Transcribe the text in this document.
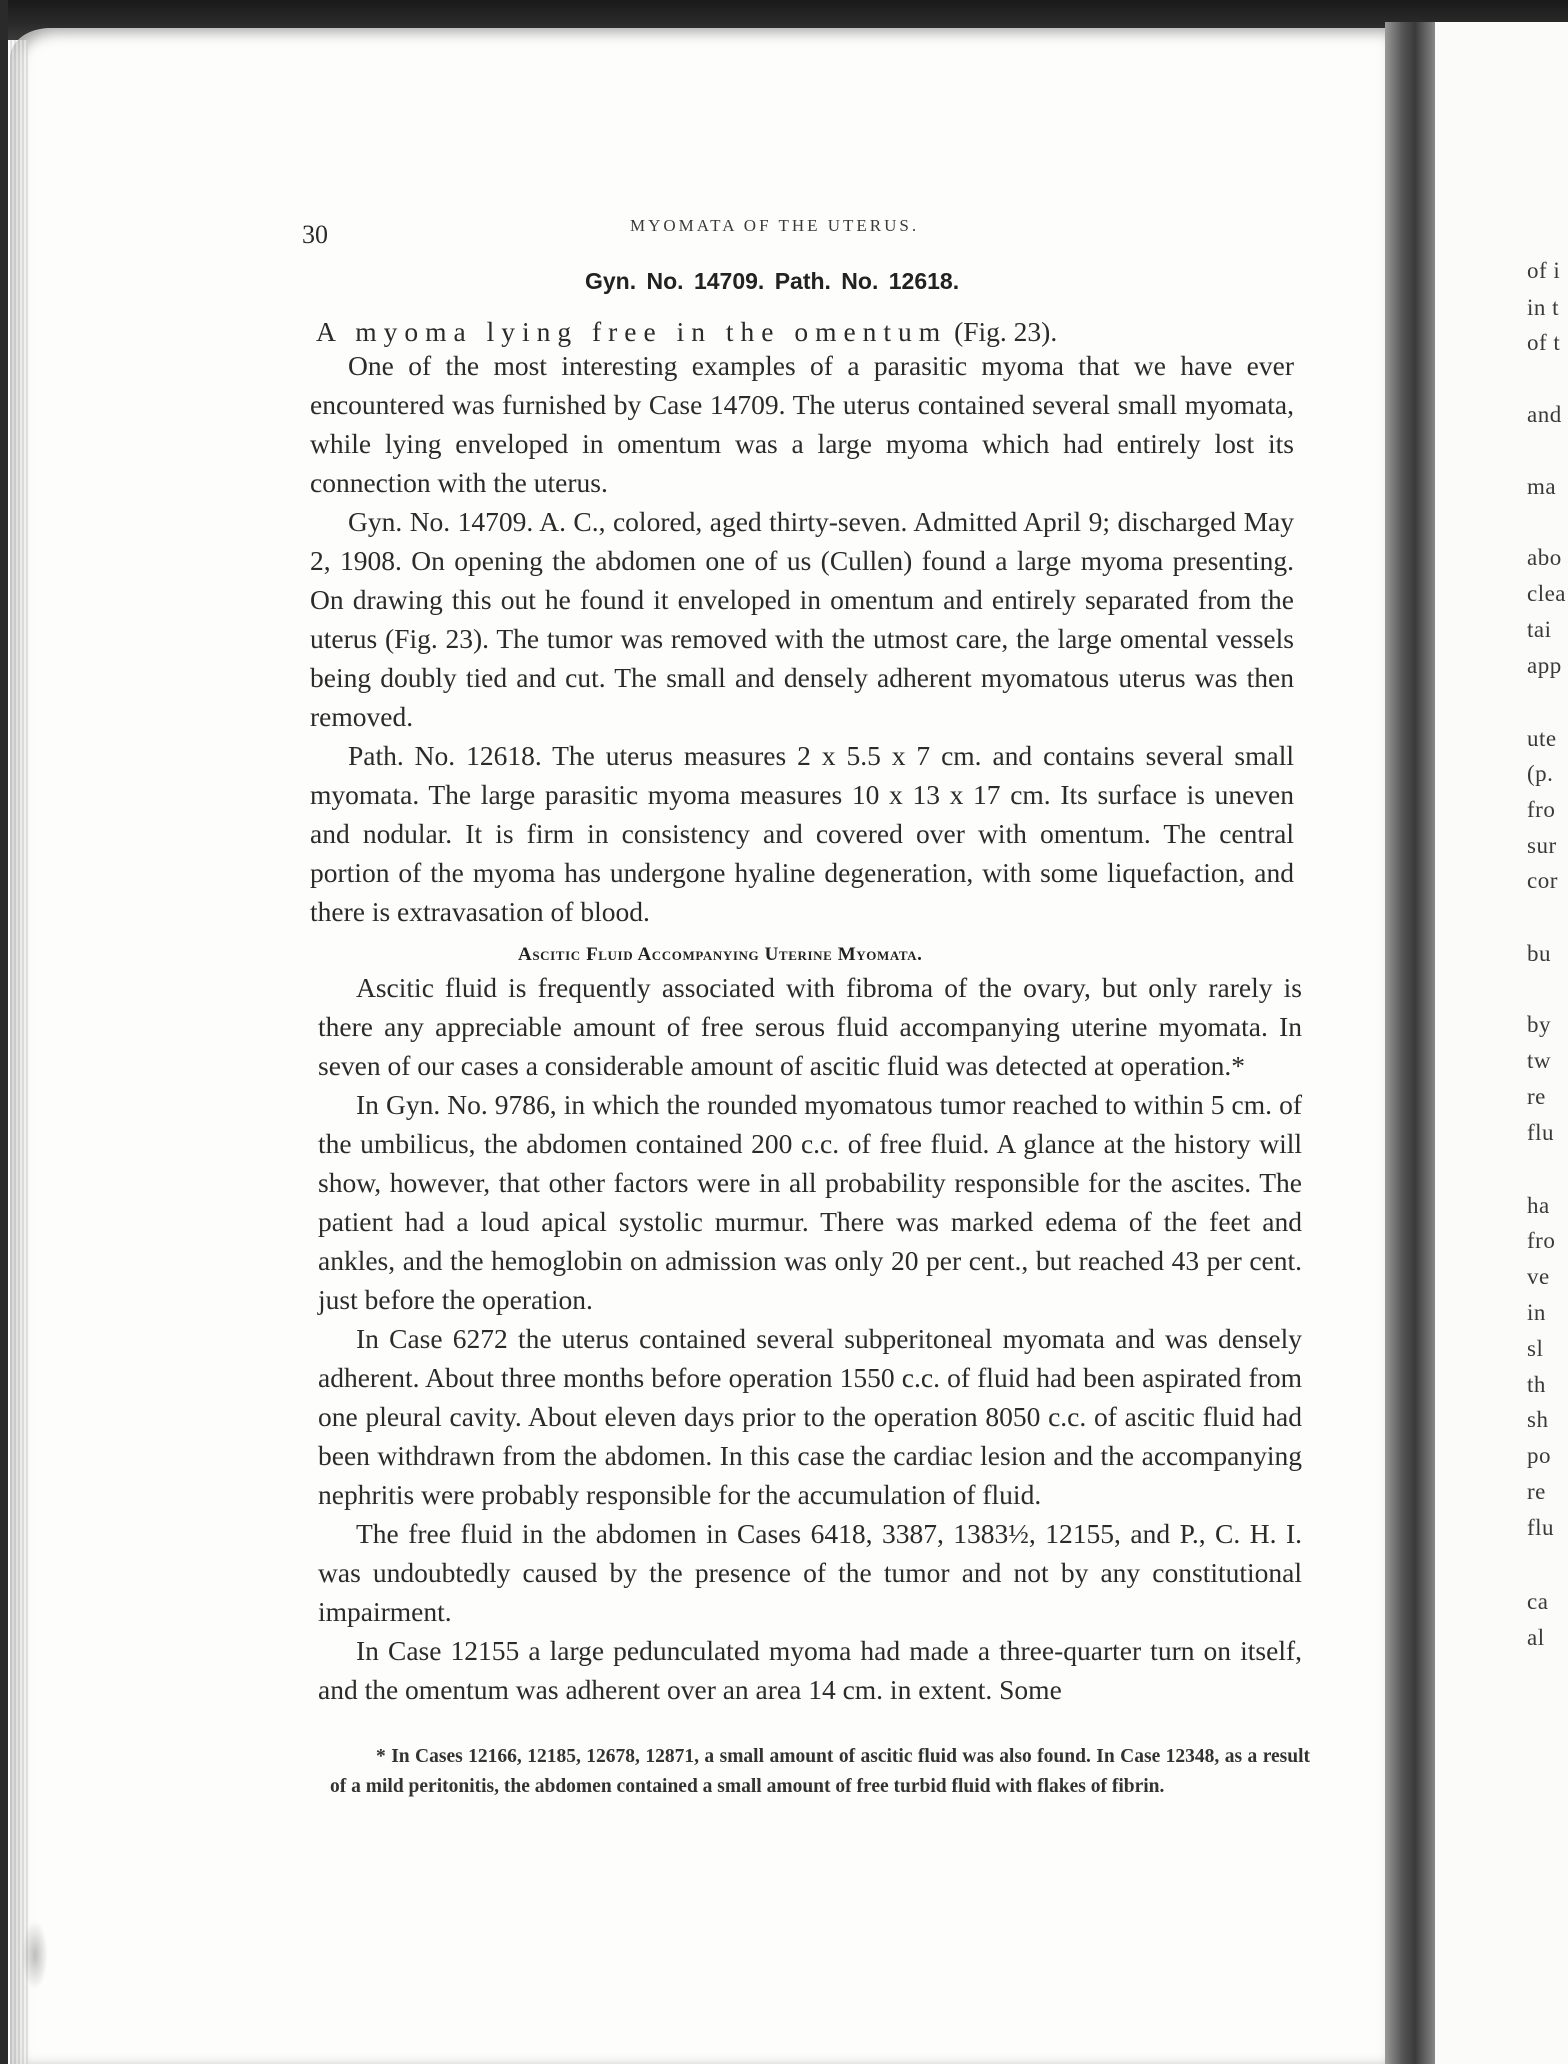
of i
in t
of t
and
ma
abo
clea
tai
app
ute
(p.
fro
sur
cor
bu
by
tw
re
flu
ha
fro
ve
in
sl
th
sh
po
re
flu
ca
al
30	MYOMATA OF THE UTERUS.
Gyn. No. 14709. Path. No. 12618.
A myoma lying free in the omentum (Fig. 23).

One of the most interesting examples of a parasitic myoma that we have ever encountered was furnished by Case 14709. The uterus contained several small myomata, while lying enveloped in omentum was a large myoma which had entirely lost its connection with the uterus.

Gyn. No. 14709. A. C., colored, aged thirty-seven. Admitted April 9; discharged May 2, 1908. On opening the abdomen one of us (Cullen) found a large myoma presenting. On drawing this out he found it enveloped in omentum and entirely separated from the uterus (Fig. 23). The tumor was removed with the utmost care, the large omental vessels being doubly tied and cut. The small and densely adherent myomatous uterus was then removed.

Path. No. 12618. The uterus measures 2 x 5.5 x 7 cm. and contains several small myomata. The large parasitic myoma measures 10 x 13 x 17 cm. Its surface is uneven and nodular. It is firm in consistency and covered over with omentum. The central portion of the myoma has undergone hyaline degeneration, with some liquefaction, and there is extravasation of blood.

Ascitic Fluid Accompanying Uterine Myomata.

Ascitic fluid is frequently associated with fibroma of the ovary, but only rarely is there any appreciable amount of free serous fluid accompanying uterine myomata. In seven of our cases a considerable amount of ascitic fluid was detected at operation.*

In Gyn. No. 9786, in which the rounded myomatous tumor reached to within 5 cm. of the umbilicus, the abdomen contained 200 c.c. of free fluid. A glance at the history will show, however, that other factors were in all probability responsible for the ascites. The patient had a loud apical systolic murmur. There was marked edema of the feet and ankles, and the hemoglobin on admission was only 20 per cent., but reached 43 per cent. just before the operation.

In Case 6272 the uterus contained several subperitoneal myomata and was densely adherent. About three months before operation 1550 c.c. of fluid had been aspirated from one pleural cavity. About eleven days prior to the operation 8050 c.c. of ascitic fluid had been withdrawn from the abdomen. In this case the cardiac lesion and the accompanying nephritis were probably responsible for the accumulation of fluid.

The free fluid in the abdomen in Cases 6418, 3387, 1383½, 12155, and P., C. H. I. was undoubtedly caused by the presence of the tumor and not by any constitutional impairment.

In Case 12155 a large pedunculated myoma had made a three-quarter turn on itself, and the omentum was adherent over an area 14 cm. in extent. Some

* In Cases 12166, 12185, 12678, 12871, a small amount of ascitic fluid was also found. In Case 12348, as a result of a mild peritonitis, the abdomen contained a small amount of free turbid fluid with flakes of fibrin.
